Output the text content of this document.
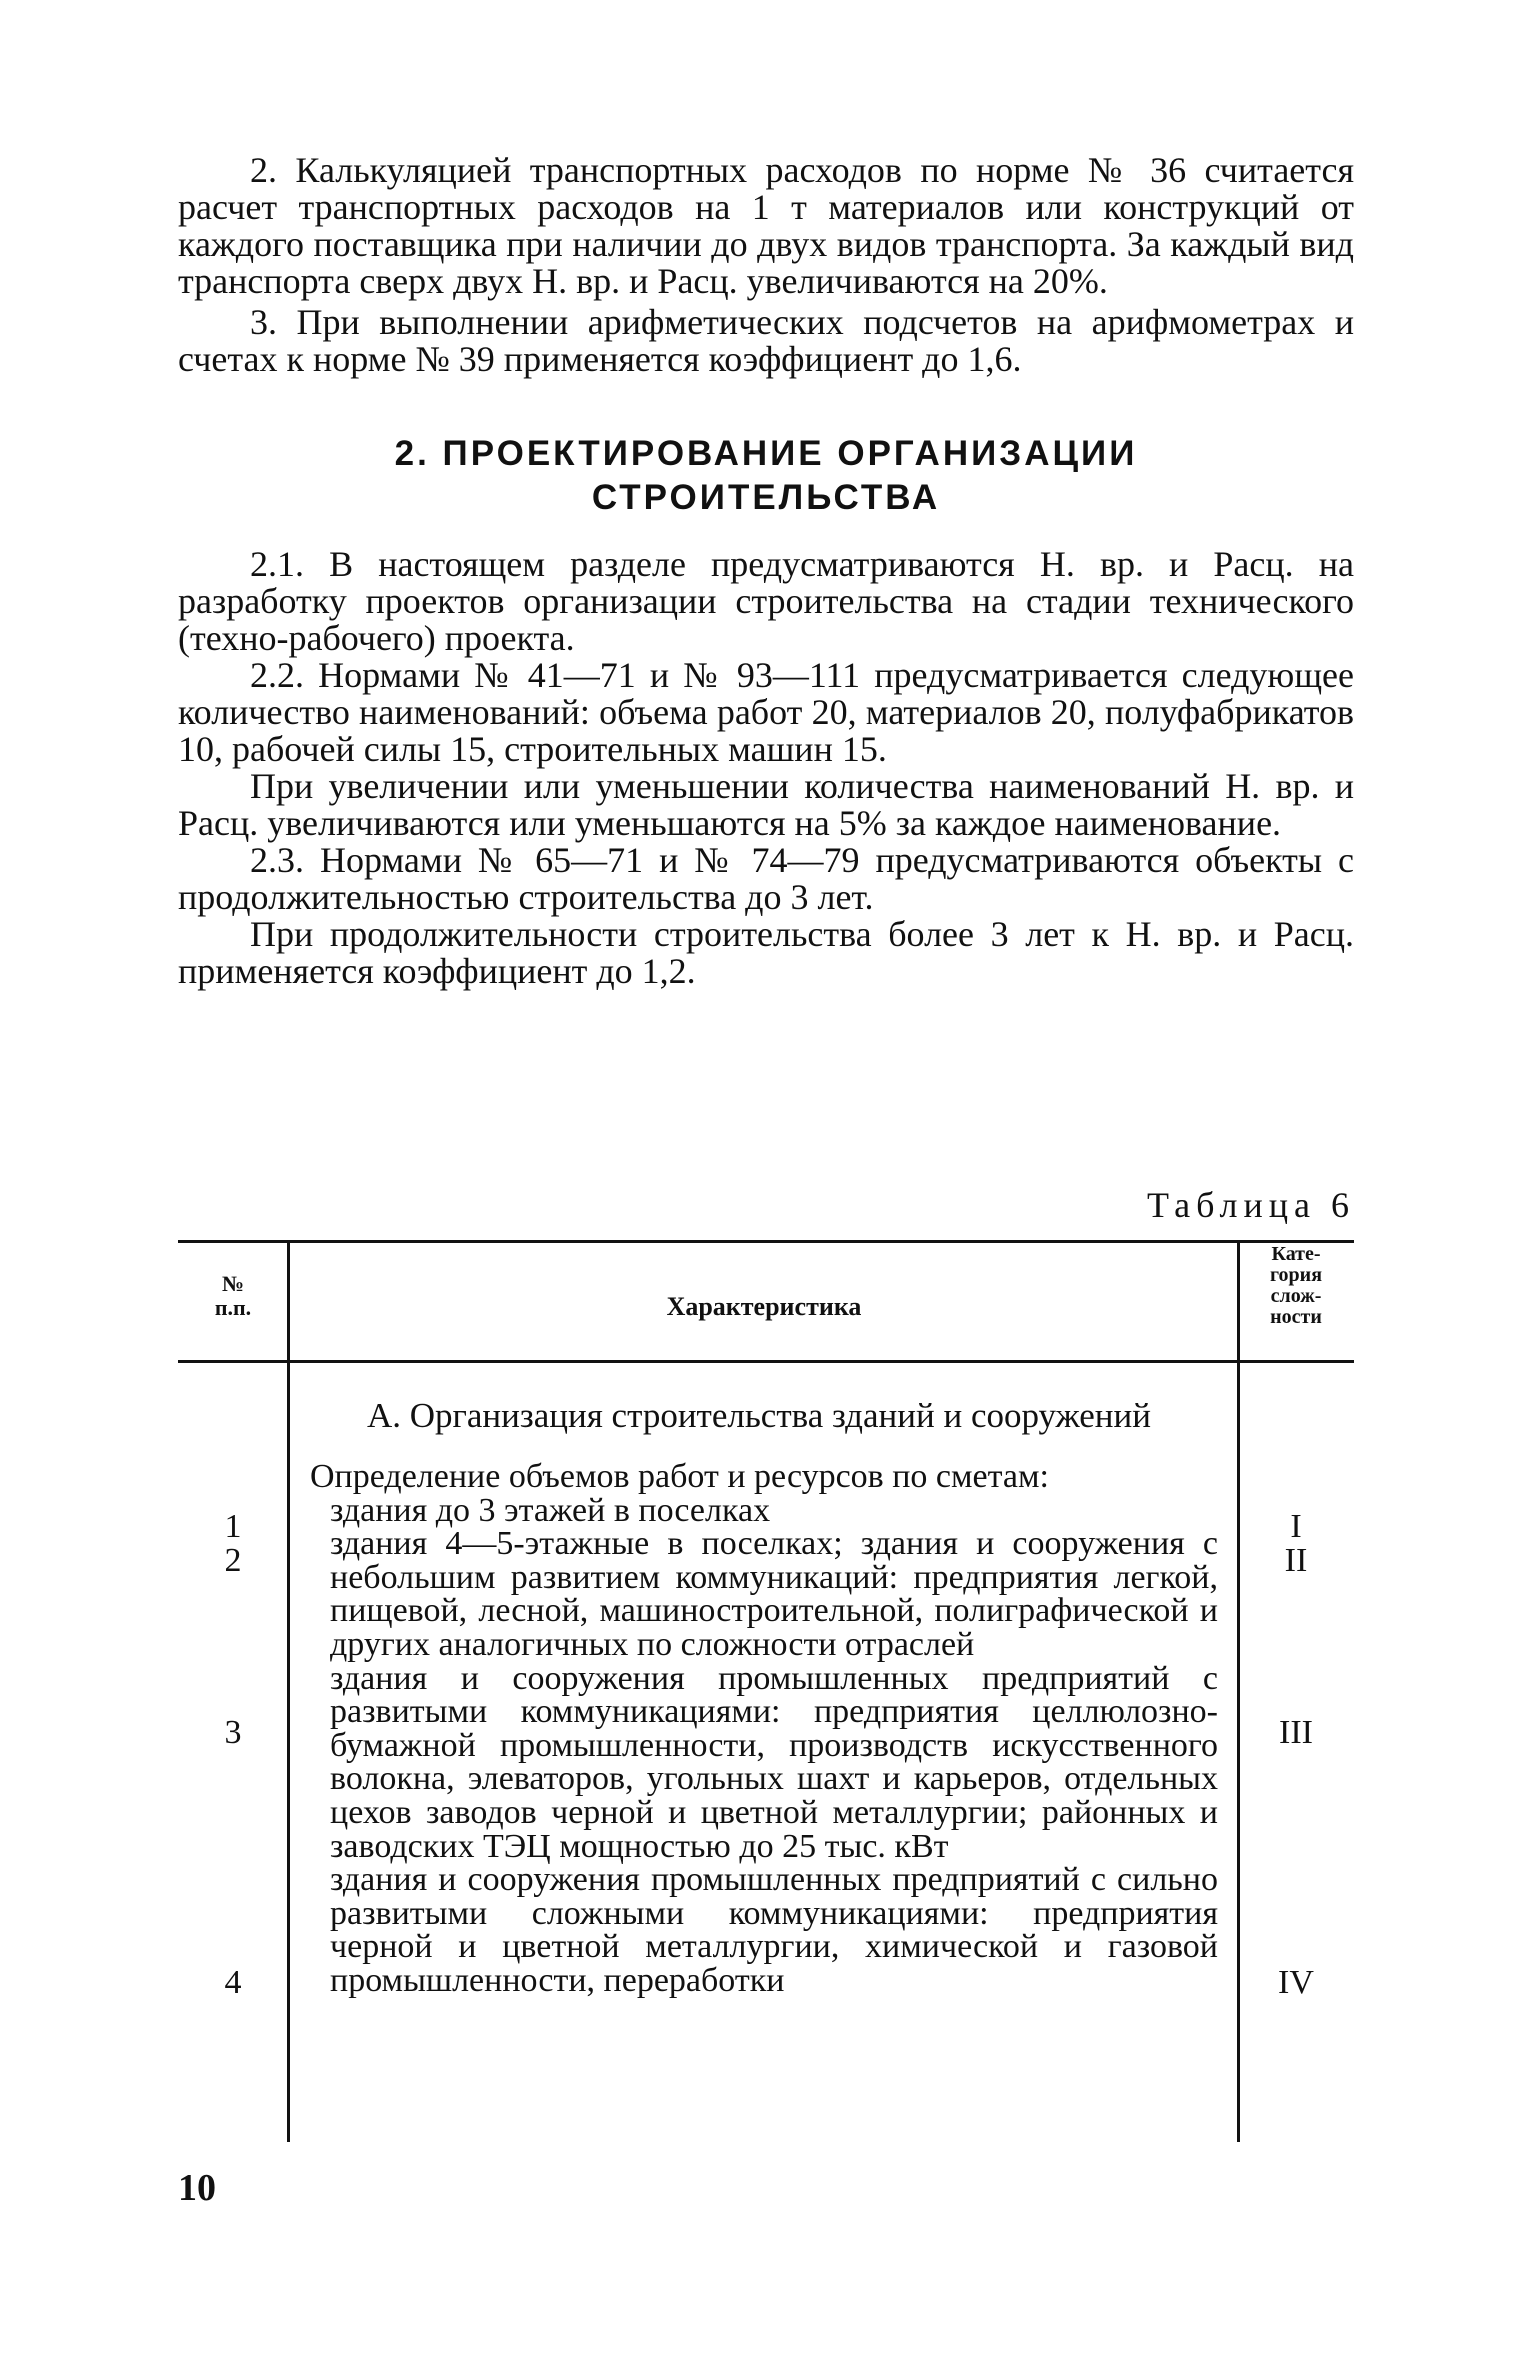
2. Калькуляцией транспортных расходов по норме № 36 считается расчет транспортных расходов на 1 т материалов или конструкций от каждого поставщика при наличии до двух видов транспорта. За каждый вид транспорта сверх двух Н. вр. и Расц. увеличиваются на 20%.

3. При выполнении арифметических подсчетов на арифмометрах и счетах к норме № 39 применяется коэффициент до 1,6.

2. ПРОЕКТИРОВАНИЕ ОРГАНИЗАЦИИ
СТРОИТЕЛЬСТВА

2.1. В настоящем разделе предусматриваются Н. вр. и Расц. на разработку проектов организации строительства на стадии технического (техно-рабочего) проекта.

2.2. Нормами № 41—71 и № 93—111 предусматривается следующее количество наименований: объема работ 20, материалов 20, полуфабрикатов 10, рабочей силы 15, строительных машин 15.

При увеличении или уменьшении количества наименований Н. вр. и Расц. увеличиваются или уменьшаются на 5% за каждое наименование.

2.3. Нормами № 65—71 и № 74—79 предусматриваются объекты с продолжительностью строительства до 3 лет.

При продолжительности строительства более 3 лет к Н. вр. и Расц. применяется коэффициент до 1,2.

Таблица 6
№
п.п.	Характеристика
Кате-
гория
слож-
ности

А. Организация строительства зданий и сооружений

Определение объемов работ и ресурсов по сметам:

здания до 3 этажей в поселках

здания 4—5-этажные в поселках; здания и сооружения с небольшим развитием коммуникаций: предприятия легкой, пищевой, лесной, машиностроительной, полиграфической и других аналогичных по сложности отраслей

здания и сооружения промышленных предприятий с развитыми коммуникациями: предприятия целлюлозно-бумажной промышленности, производств искусственного волокна, элеваторов, угольных шахт и карьеров, отдельных цехов заводов черной и цветной металлургии; районных и заводских ТЭЦ мощностью до 25 тыс. кВт

здания и сооружения промышленных предприятий с сильно развитыми сложными коммуникациями: предприятия черной и цветной металлургии, химической и газовой промышленности, переработки

1
2
3
4
I
II
III
IV
10
